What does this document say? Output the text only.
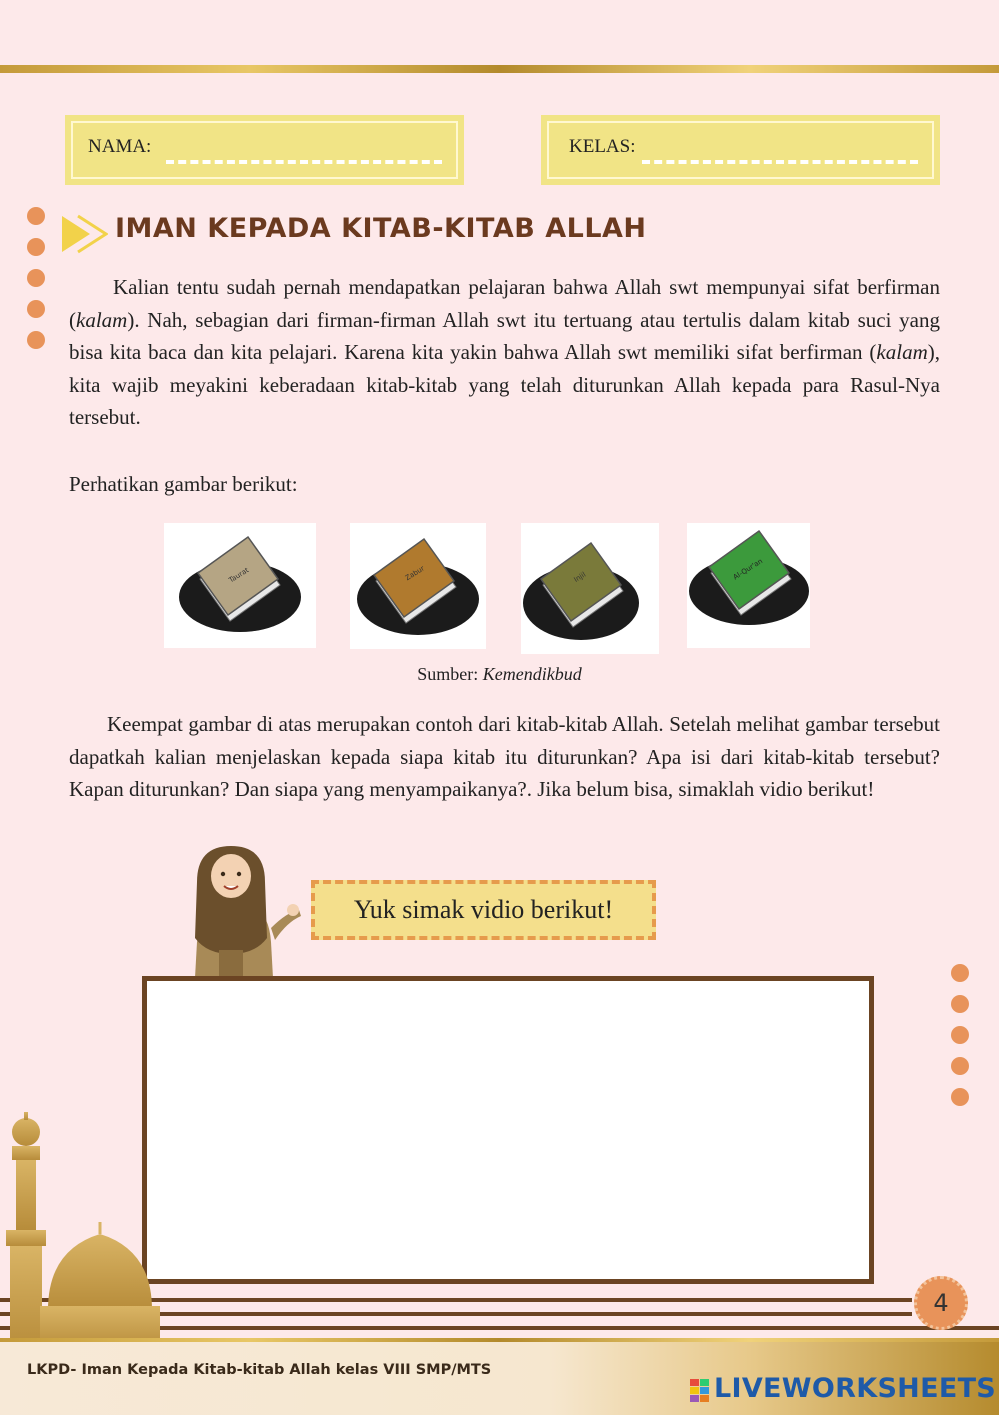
NAMA:	KELAS:
IMAN KEPADA KITAB-KITAB ALLAH
Kalian tentu sudah pernah mendapatkan pelajaran bahwa Allah swt mempunyai sifat berfirman (kalam). Nah, sebagian dari firman-firman Allah swt itu tertuang atau tertulis dalam kitab suci yang bisa kita baca dan kita pelajari. Karena kita yakin bahwa Allah swt memiliki sifat berfirman (kalam), kita wajib meyakini keberadaan kitab-kitab yang telah diturunkan Allah kepada para Rasul-Nya tersebut.
Perhatikan gambar berikut:
Taurat	Zabur	Injil	Al-Qur'an
Sumber: Kemendikbud
Keempat gambar di atas merupakan contoh dari kitab-kitab Allah. Setelah melihat gambar tersebut dapatkah kalian menjelaskan kepada siapa kitab itu diturunkan? Apa isi dari kitab-kitab tersebut? Kapan diturunkan? Dan siapa yang menyampaikanya?. Jika belum bisa, simaklah vidio berikut!
Yuk simak vidio berikut!
LKPD- Iman Kepada Kitab-kitab Allah kelas VIII SMP/MTS
LIVEWORKSHEETS
4
